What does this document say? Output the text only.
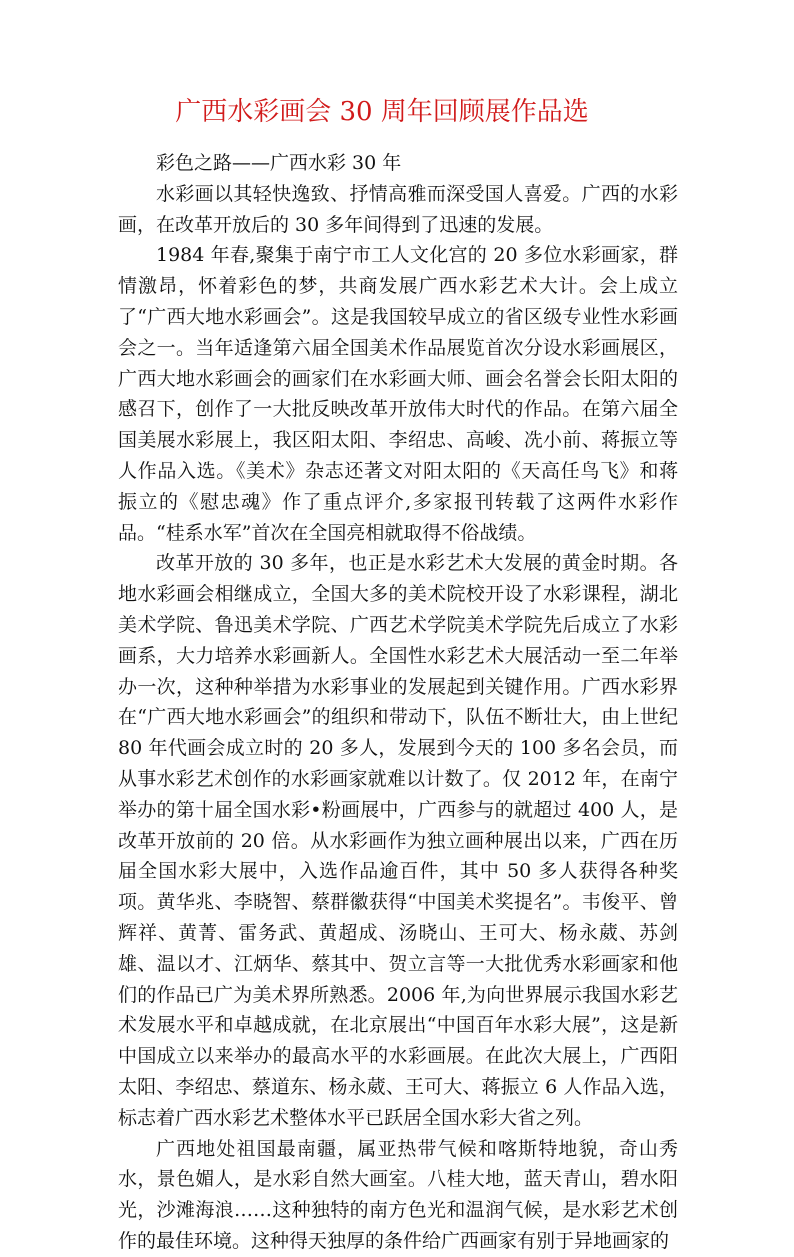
广西水彩画会 30 周年回顾展作品选

彩色之路——广西水彩 30 年

水彩画以其轻快逸致、抒情高雅而深受国人喜爱。广西的水彩画，在改革开放后的 30 多年间得到了迅速的发展。

1984 年春,聚集于南宁市工人文化宫的 20 多位水彩画家，群情激昂，怀着彩色的梦，共商发展广西水彩艺术大计。会上成立了“广西大地水彩画会”。这是我国较早成立的省区级专业性水彩画会之一。当年适逢第六届全国美术作品展览首次分设水彩画展区，广西大地水彩画会的画家们在水彩画大师、画会名誉会长阳太阳的感召下，创作了一大批反映改革开放伟大时代的作品。在第六届全国美展水彩展上，我区阳太阳、李绍忠、高峻、冼小前、蒋振立等人作品入选。《美术》杂志还著文对阳太阳的《天高任鸟飞》和蒋振立的《慰忠魂》作了重点评介,多家报刊转载了这两件水彩作品。“桂系水军”首次在全国亮相就取得不俗战绩。

改革开放的 30 多年，也正是水彩艺术大发展的黄金时期。各地水彩画会相继成立，全国大多的美术院校开设了水彩课程，湖北美术学院、鲁迅美术学院、广西艺术学院美术学院先后成立了水彩画系，大力培养水彩画新人。全国性水彩艺术大展活动一至二年举办一次，这种种举措为水彩事业的发展起到关键作用。广西水彩界在“广西大地水彩画会”的组织和带动下，队伍不断壮大，由上世纪 80 年代画会成立时的 20 多人，发展到今天的 100 多名会员，而从事水彩艺术创作的水彩画家就难以计数了。仅 2012 年，在南宁举办的第十届全国水彩•粉画展中，广西参与的就超过 400 人，是改革开放前的 20 倍。从水彩画作为独立画种展出以来，广西在历届全国水彩大展中，入选作品逾百件，其中 50 多人获得各种奖项。黄华兆、李晓智、蔡群徽获得“中国美术奖提名”。韦俊平、曾辉祥、黄菁、雷务武、黄超成、汤晓山、王可大、杨永葳、苏剑雄、温以才、江炳华、蔡其中、贺立言等一大批优秀水彩画家和他们的作品已广为美术界所熟悉。2006 年,为向世界展示我国水彩艺术发展水平和卓越成就，在北京展出“中国百年水彩大展”，这是新中国成立以来举办的最高水平的水彩画展。在此次大展上，广西阳太阳、李绍忠、蔡道东、杨永葳、王可大、蒋振立 6 人作品入选，标志着广西水彩艺术整体水平已跃居全国水彩大省之列。

广西地处祖国最南疆，属亚热带气候和喀斯特地貌，奇山秀水，景色媚人，是水彩自然大画室。八桂大地，蓝天青山，碧水阳光，沙滩海浪……这种独特的南方色光和温润气候，是水彩艺术创作的最佳环境。这种得天独厚的条件给广西画家有别于异地画家的
